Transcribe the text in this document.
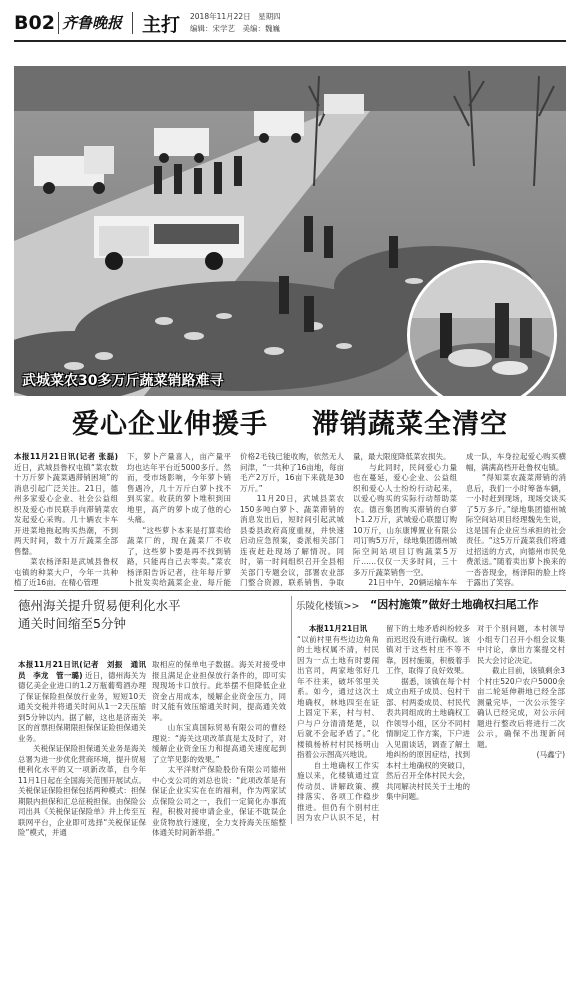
B02 齐鲁晚报 主打 2018年11月22日　星期四
编辑：宋学艺　美编：魏巍
武城菜农30多万斤蔬菜销路难寻
爱心企业伸援手 滞销蔬菜全清空
本报11月21日讯(记者 张磊) 近日，武城县鲁权屯镇“菜农数十万斤萝卜蔬菜遇滞销困境”的消息引起广泛关注。21日，德州多家爱心企业、社会公益组织及爱心市民联手向滞销菜农发起爱心采购。几十辆农卡车开进菜地拖起购买热潮，不到两天时间，数十万斤蔬菜全部售罄。
　　菜农杨泽阳是武城县鲁权屯镇的种菜大户，今年一共种植了近16亩，在精心管理
下，萝卜产量喜人，亩产量平均也达年平台近5000多斤。然而，受市场影响，今年萝卜销售遇冷，几十万斤白萝卜找不到买家。收获的萝卜堆积到田地里，高产的萝卜成了他的心头痛。
　　“这些萝卜本来是打算卖给蔬菜厂的，现在蔬菜厂不收了，这些萝卜要是再不找到销路，只能再自己去零卖。”菜农杨泽阳告诉记者，往年每斤萝卜批发卖给蔬菜企业，每斤能
价格2毛钱已能收购，依然无人问津，“一共种了16亩地，每亩毛产2万斤，16亩下来就是30万斤。”
　　11月20日，武城县菜农150多吨白萝卜、蔬菜滞销的消息发出后，短时间引起武城县委县政府高度重视，并快速启动应急预案，委派相关部门连夜赶赴现场了解情况。同时，第一时间组织召开全县相关部门专题会议，部署农业部门整合资源，联系销售，争取
量，最大限度降低菜农损失。
　　与此同时，民间爱心力量也在蔓延，爱心企业、公益组织和爱心人士纷纷行动起来，以爱心购买的实际行动帮助菜农。德百集团购买滞销的白萝卜1.2万斤，武城爱心联盟订购10万斤，山东康博置业有限公司订购5万斤，绿地集团德州城际空间站项目订购蔬菜5万斤……仅仅一天多时间，三十多万斤蔬菜销售一空。
　　21日中午，20辆运输车车
成一队，车身拉起爱心购买横幅，满满高档开赴鲁权屯镇。
　　“得知菜农蔬菜滞销的消息后，我们一小时筹备车辆，一小时赶到现场，现场交谈买了5万多斤。”绿地集团德州城际空间站项目经理魏先生说，这是国有企业应当承担的社会责任。“这5万斤蔬菜我们将通过招送的方式，向德州市民免费派送。”随着卖出萝卜换来的一沓沓现金，杨泽阳的脸上终于露出了笑容。
德州海关提升贸易便利化水平
通关时间缩至5分钟
本报11月21日讯(记者　刘振　通讯员　李龙　管一璐) 近日，德州海关为德亿美企业进口的1.2万瓶葡萄酒办理了保证保险担保放行业务，短短10天通关交税并将通关时间从1一2天压缩到5分钟以内。据了解，这也是济南关区的首票担保期限担保保证险担保通关业务。
　　关税保证保险担保通关业务是海关总署为进一步优化营商环境，提升贸易便利化水平的又一项新改革，自今年11月1日起在全国海关范围开展试点。关税保证保险担保包括两种模式：担保期限内担保和汇总征税担保。由保险公司出具《关税保证保险单》并上传至互联网平台，企业即可选择“关税保证保险”模式，并通
取相应的保单电子数据。海关对接受申报且满足企业担保放行条件的，即可实现现场卡口放行。此举摆不但降低企业资金占用成本，缓解企业资金压力，同时又能有效压缩通关时间，提高通关效率。
　　山东宝真国际贸易有限公司的曹经理说：“海关这项改革真是太及时了，对缓解企业资金压力和提高通关速度起到了立竿见影的效果。”
　　太平洋财产保险股份有限公司德州中心支公司的刘总也说：“此项改革是有保证企业实实在在的福利，作为两家试点保险公司之一，我们一定简化办事流程，积极对接申请企业，保证不耽误企业货物放行速度，全力支持海关压缩整体通关时间新举措。”
乐陵化楼镇>> “因村施策”做好土地确权扫尾工作
本报11月21日讯
“以前村里有些边边角角的土地权属不清，村民因为一点土地有时要闹出官司，两家地邻好几年不往来，破坏邻里关系。如今，通过这次土地确权，林地四至在证上固定下来，村与村、户与户分清清楚楚，以后就不会起矛盾了。”化楼镇杨桥村村民杨明山指着公示图高兴地说。
　　自土地确权工作实施以来，化楼镇通过宣传动员、讲解政策、摸排落实、各项工作稳步推进。但仍有个别村庄因为农户认识不足，村
留下的土地矛盾纠纷较多而迟迟没有进行确权。该镇对于这些村庄不等不靠，因村施策，积极着手工作，取得了良好效果。
　　据悉，该镇在每个村成立由班子成员、包村干部、村两委成员、村民代表共同组成的土地确权工作领导小组，区分不同村情制定工作方案，下户进入见面谈话，调查了解土地纠纷的原因症结，找到本村土地确权的突破口，然后召开全体村民大会，共同解决村民关于土地的集中问题。
对于个别问题，本村领导小组专门召开小组会议集中讨论，拿出方案提交村民大会讨论决定。
　　截止目前，该镇剩余3个村庄520户农户5000余亩二轮延伸耕地已经全部测量完毕，一次公示签字确认已经完成，对公示问题进行整改后将进行二次公示，确保不出现新问题。
(马鑫宁)
